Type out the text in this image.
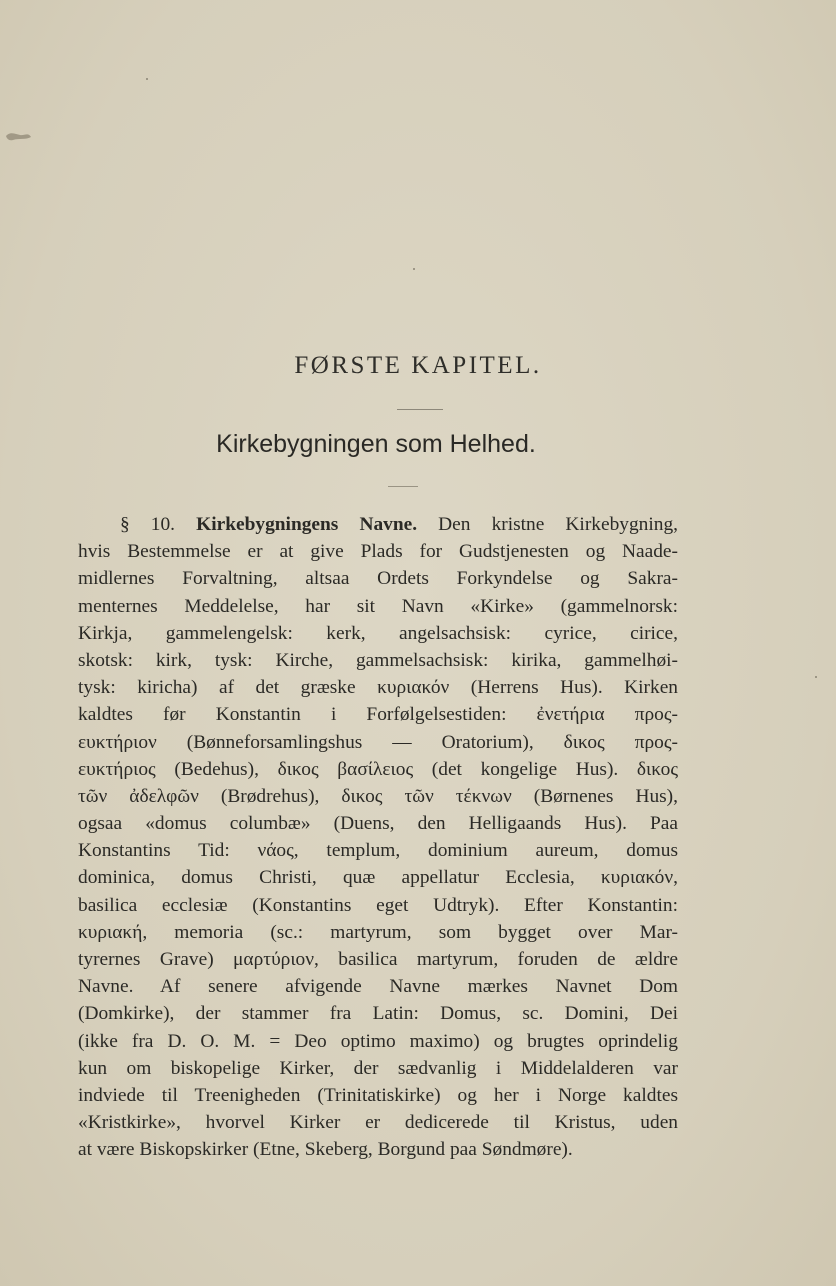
FØRSTE KAPITEL.
Kirkebygningen som Helhed.
§ 10. Kirkebygningens Navne. Den kristne Kirkebygning,
hvis Bestemmelse er at give Plads for Gudstjenesten og Naade-
midlernes Forvaltning, altsaa Ordets Forkyndelse og Sakra-
menternes Meddelelse, har sit Navn «Kirke» (gammelnorsk:
Kirkja, gammelengelsk: kerk, angelsachsisk: cyrice, cirice,
skotsk: kirk, tysk: Kirche, gammelsachsisk: kirika, gammelhøi-
tysk: kiricha) af det græske κυριακόν (Herrens Hus). Kirken
kaldtes før Konstantin i Forfølgelsestiden: ἐνετήρια προς-
ευκτήριον (Bønneforsamlingshus — Oratorium), δικος προς-
ευκτήριος (Bedehus), δικος βασίλειος (det kongelige Hus). δικος
τῶν ἀδελφῶν (Brødrehus), δικος τῶν τέκνων (Børnenes Hus),
ogsaa «domus columbæ» (Duens, den Helligaands Hus). Paa
Konstantins Tid: νάος, templum, dominium aureum, domus
dominica, domus Christi, quæ appellatur Ecclesia, κυριακόν,
basilica ecclesiæ (Konstantins eget Udtryk). Efter Konstantin:
κυριακή, memoria (sc.: martyrum, som bygget over Mar-
tyrernes Grave) μαρτύριον, basilica martyrum, foruden de ældre
Navne. Af senere afvigende Navne mærkes Navnet Dom
(Domkirke), der stammer fra Latin: Domus, sc. Domini, Dei
(ikke fra D. O. M. = Deo optimo maximo) og brugtes oprindelig
kun om biskopelige Kirker, der sædvanlig i Middelalderen var
indviede til Treenigheden (Trinitatiskirke) og her i Norge kaldtes
«Kristkirke», hvorvel Kirker er dedicerede til Kristus, uden
at være Biskopskirker (Etne, Skeberg, Borgund paa Søndmøre).
